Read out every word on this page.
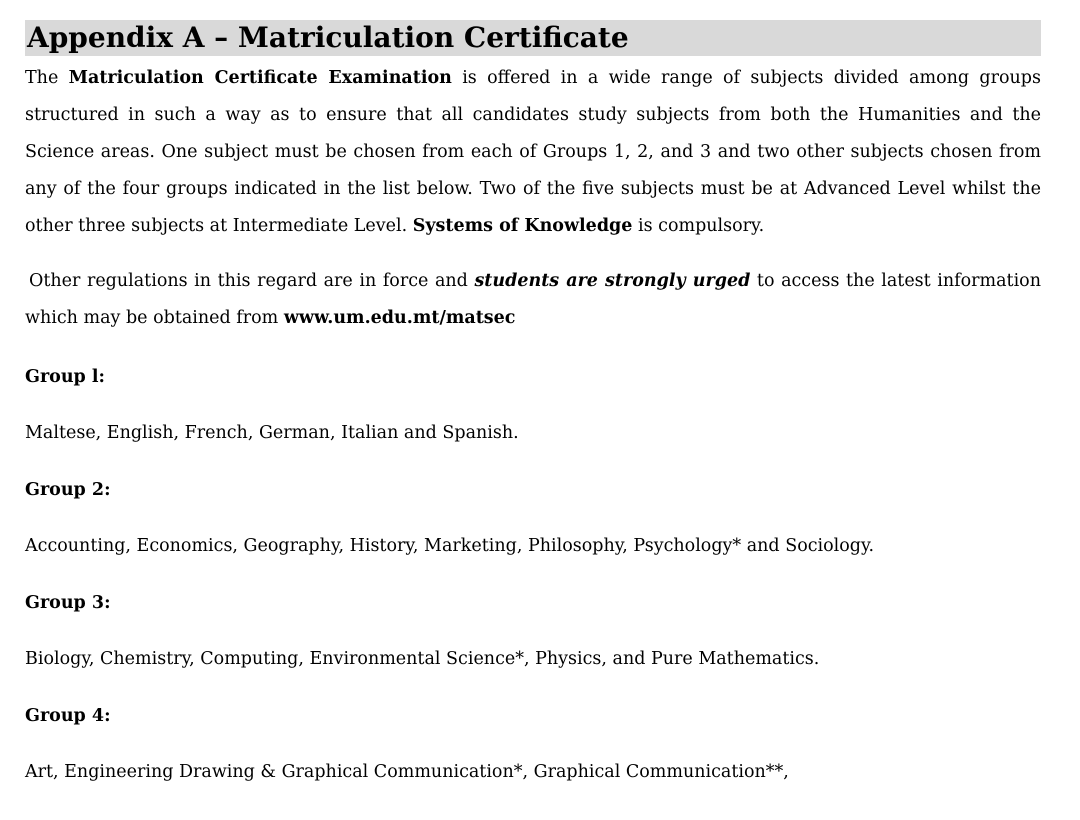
Appendix A – Matriculation Certificate

The Matriculation Certificate Examination is offered in a wide range of subjects divided among groups structured in such a way as to ensure that all candidates study subjects from both the Humanities and the Science areas. One subject must be chosen from each of Groups 1, 2, and 3 and two other subjects chosen from any of the four groups indicated in the list below. Two of the five subjects must be at Advanced Level whilst the other three subjects at Intermediate Level. Systems of Knowledge is compulsory.

Other regulations in this regard are in force and students are strongly urged to access the latest information which may be obtained from www.um.edu.mt/matsec

Group l:

Maltese, English, French, German, Italian and Spanish.

Group 2:

Accounting, Economics, Geography, History, Marketing, Philosophy, Psychology* and Sociology.

Group 3:

Biology, Chemistry, Computing, Environmental Science*, Physics, and Pure Mathematics.

Group 4:

Art, Engineering Drawing & Graphical Communication*, Graphical Communication**,
